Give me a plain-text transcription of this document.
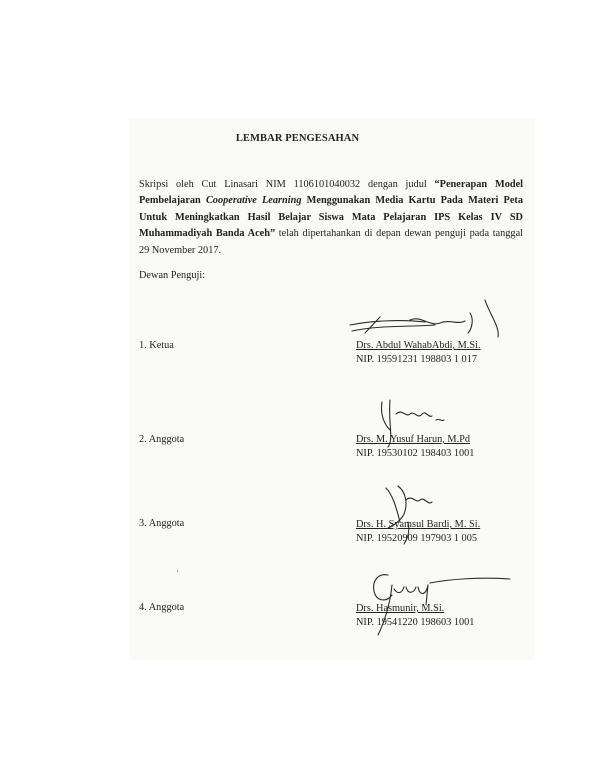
LEMBAR PENGESAHAN

Skripsi oleh Cut Linasari NIM 1106101040032 dengan judul “Penerapan Model Pembelajaran Cooperative Learning Menggunakan Media Kartu Pada Materi Peta Untuk Meningkatkan Hasil Belajar Siswa Mata Pelajaran IPS Kelas IV SD Muhammadiyah Banda Aceh” telah dipertahankan di depan dewan penguji pada tanggal 29 November 2017.

Dewan Penguji:
1. Ketua	Drs. Abdul WahabAbdi, M.Si.
NIP. 19591231 198803 1 017
2. Anggota	Drs. M. Yusuf Harun, M.Pd
NIP. 19530102 198403 1001
3. Anggota	Drs. H. Syamsul Bardi, M. Si.
NIP. 19520909 197903 1 005
4. Anggota	Drs. Hasmunir, M.Si.
NIP. 19541220 198603 1001
·
